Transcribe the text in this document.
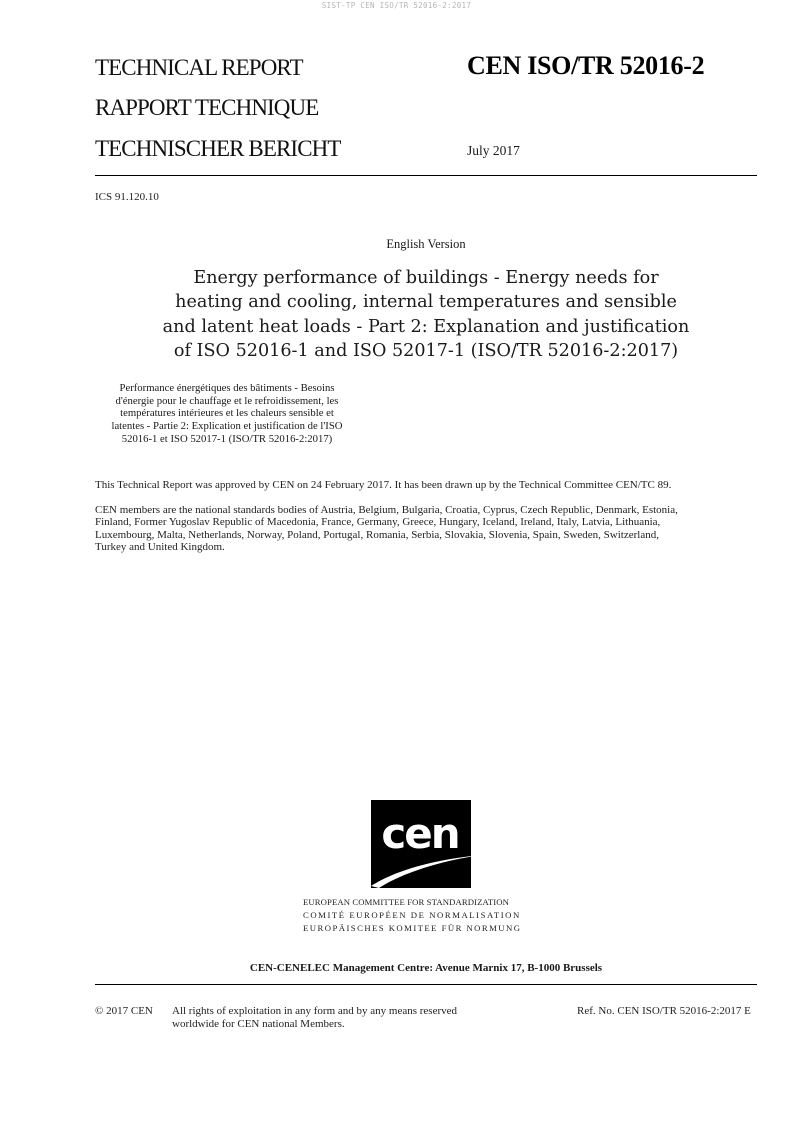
SIST-TP CEN ISO/TR 52016-2:2017
TECHNICAL REPORT
RAPPORT TECHNIQUE
TECHNISCHER BERICHT
CEN ISO/TR 52016-2
July 2017
ICS 91.120.10
English Version
Energy performance of buildings - Energy needs for
heating and cooling, internal temperatures and sensible
and latent heat loads - Part 2: Explanation and justification
of ISO 52016-1 and ISO 52017-1 (ISO/TR 52016-2:2017)
Performance énergétiques des bâtiments - Besoins
d'énergie pour le chauffage et le refroidissement, les
températures intérieures et les chaleurs sensible et
latentes - Partie 2: Explication et justification de l'ISO
52016-1 et ISO 52017-1 (ISO/TR 52016-2:2017)
This Technical Report was approved by CEN on 24 February 2017. It has been drawn up by the Technical Committee CEN/TC 89.
CEN members are the national standards bodies of Austria, Belgium, Bulgaria, Croatia, Cyprus, Czech Republic, Denmark, Estonia,
Finland, Former Yugoslav Republic of Macedonia, France, Germany, Greece, Hungary, Iceland, Ireland, Italy, Latvia, Lithuania,
Luxembourg, Malta, Netherlands, Norway, Poland, Portugal, Romania, Serbia, Slovakia, Slovenia, Spain, Sweden, Switzerland,
Turkey and United Kingdom.
cen
EUROPEAN COMMITTEE FOR STANDARDIZATION
COMITÉ EUROPÉEN DE NORMALISATION
EUROPÄISCHES KOMITEE FÜR NORMUNG
CEN-CENELEC Management Centre: Avenue Marnix 17, B-1000 Brussels
© 2017 CEN All rights of exploitation in any form and by any means reserved
worldwide for CEN national Members.
Ref. No. CEN ISO/TR 52016-2:2017 E
